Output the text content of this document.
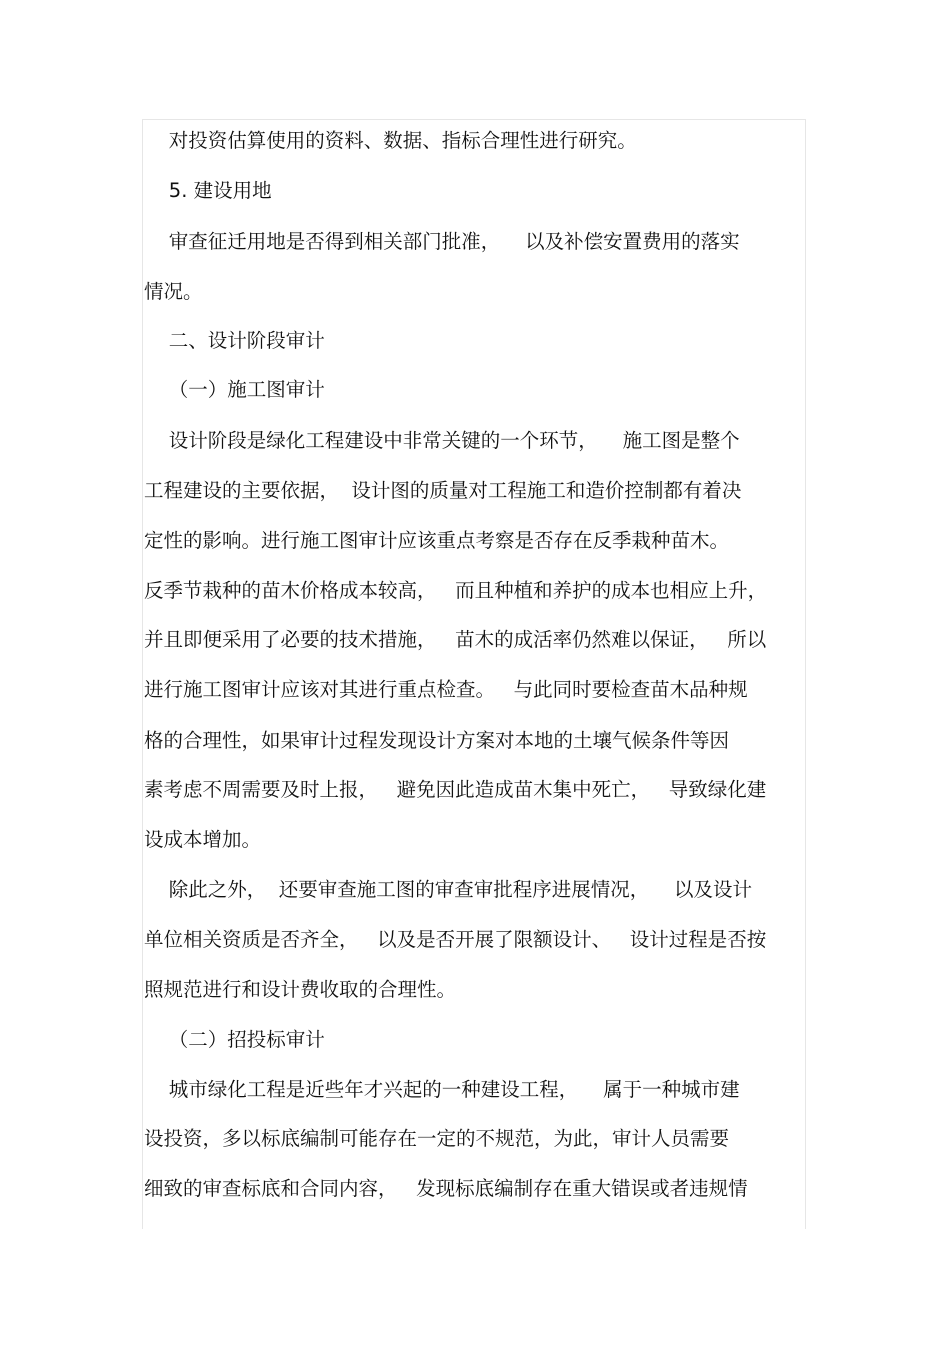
对投资估算使用的资料、数据、指标合理性进行研究。
5. 建设用地
审查征迁用地是否得到相关部门批准，    以及补偿安置费用的落实
情况。
二、设计阶段审计
（一）施工图审计
设计阶段是绿化工程建设中非常关键的一个环节，    施工图是整个
工程建设的主要依据，  设计图的质量对工程施工和造价控制都有着决
定性的影响。进行施工图审计应该重点考察是否存在反季栽种苗木。
反季节栽种的苗木价格成本较高，   而且种植和养护的成本也相应上升，
并且即便采用了必要的技术措施，   苗木的成活率仍然难以保证，   所以
进行施工图审计应该对其进行重点检查。   与此同时要检查苗木品种规
格的合理性，如果审计过程发现设计方案对本地的土壤气候条件等因
素考虑不周需要及时上报，   避免因此造成苗木集中死亡，   导致绿化建
设成本增加。
除此之外，  还要审查施工图的审查审批程序进展情况，    以及设计
单位相关资质是否齐全，   以及是否开展了限额设计、   设计过程是否按
照规范进行和设计费收取的合理性。
（二）招投标审计
城市绿化工程是近些年才兴起的一种建设工程，    属于一种城市建
设投资，多以标底编制可能存在一定的不规范，为此，审计人员需要
细致的审查标底和合同内容，   发现标底编制存在重大错误或者违规情
